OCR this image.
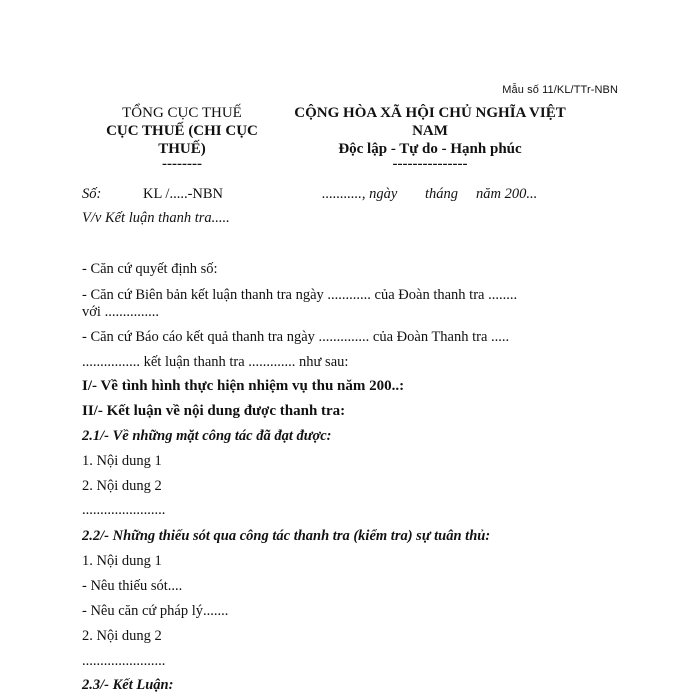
Mẫu số 11/KL/TTr-NBN
TỔNG CỤC THUẾ
CỤC THUẾ (CHI CỤC
THUẾ)
--------
CỘNG HÒA XÃ HỘI CHỦ NGHĨA VIỆT
NAM
Độc lập - Tự do - Hạnh phúc
---------------
Số:	KL /.....-NBN	..........., ngày tháng năm 200...
V/v Kết luận thanh tra.....
- Căn cứ quyết định số:
- Căn cứ Biên bản kết luận thanh tra ngày ............ của Đoàn thanh tra ........
với ...............
- Căn cứ Báo cáo kết quả thanh tra ngày .............. của Đoàn Thanh tra .....
................ kết luận thanh tra ............. như sau:
I/- Về tình hình thực hiện nhiệm vụ thu năm 200..:
II/- Kết luận về nội dung được thanh tra:
2.1/- Về những mặt công tác đã đạt được:
1. Nội dung 1
2. Nội dung 2
.......................
2.2/- Những thiếu sót qua công tác thanh tra (kiểm tra) sự tuân thủ:
1. Nội dung 1
- Nêu thiếu sót....
- Nêu căn cứ pháp lý.......
2. Nội dung 2
.......................
2.3/- Kết Luận:
